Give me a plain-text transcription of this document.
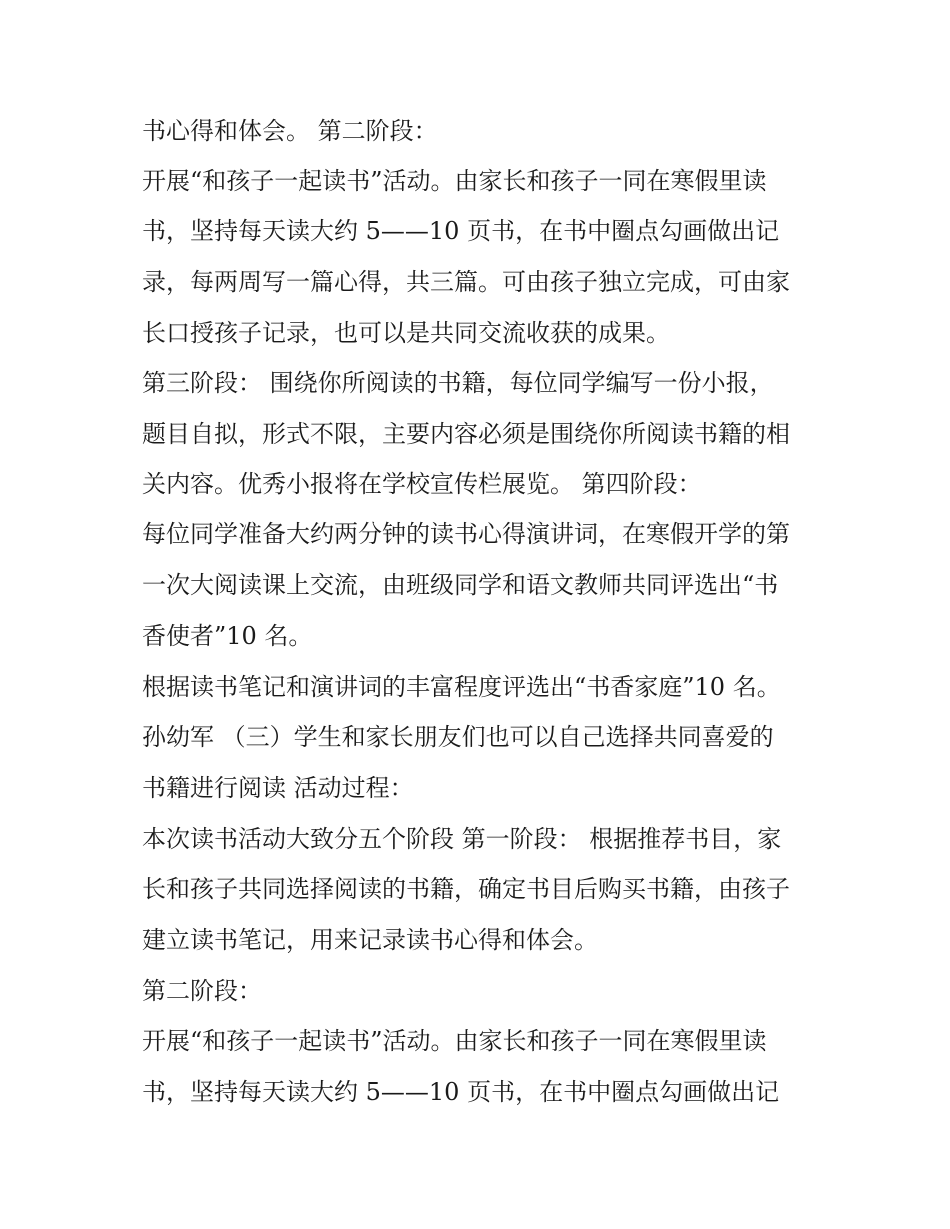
书心得和体会。 第二阶段：
开展“和孩子一起读书”活动。由家长和孩子一同在寒假里读
书，坚持每天读大约 5——10 页书，在书中圈点勾画做出记
录，每两周写一篇心得，共三篇。可由孩子独立完成，可由家
长口授孩子记录，也可以是共同交流收获的成果。
第三阶段： 围绕你所阅读的书籍，每位同学编写一份小报，
题目自拟，形式不限，主要内容必须是围绕你所阅读书籍的相
关内容。优秀小报将在学校宣传栏展览。 第四阶段：
每位同学准备大约两分钟的读书心得演讲词，在寒假开学的第
一次大阅读课上交流，由班级同学和语文教师共同评选出“书
香使者”10 名。
根据读书笔记和演讲词的丰富程度评选出“书香家庭”10 名。
孙幼军 （三）学生和家长朋友们也可以自己选择共同喜爱的
书籍进行阅读 活动过程：
本次读书活动大致分五个阶段 第一阶段： 根据推荐书目，家
长和孩子共同选择阅读的书籍，确定书目后购买书籍，由孩子
建立读书笔记，用来记录读书心得和体会。
第二阶段：
开展“和孩子一起读书”活动。由家长和孩子一同在寒假里读
书，坚持每天读大约 5——10 页书，在书中圈点勾画做出记
